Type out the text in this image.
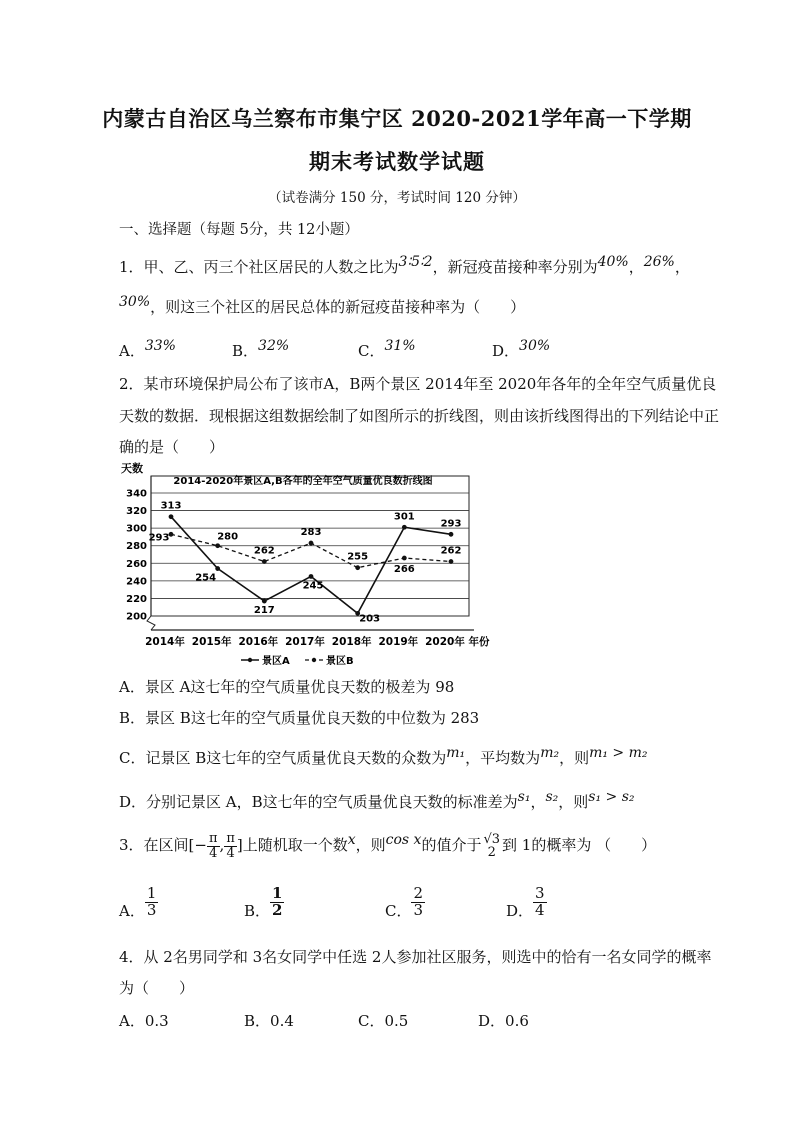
内蒙古自治区乌兰察布市集宁区 2020-2021学年高一下学期
期末考试数学试题
（试卷满分 150 分，考试时间 120 分钟）
一、选择题（每题 5分，共 12小题）
1．甲、乙、丙三个社区居民的人数之比为3∶5∶2，新冠疫苗接种率分别为40%，26%，
30%，则这三个社区的居民总体的新冠疫苗接种率为（　　）
A．33%	B．32%	C．31%	D．30%
2．某市环境保护局公布了该市A，B两个景区 2014年至 2020年各年的全年空气质量优良
天数的数据．现根据这组数据绘制了如图所示的折线图，则由该折线图得出的下列结论中正
确的是（　　）
天数
2014-2020年景区A,B各年的全年空气质量优良数折线图
年份
200
220
240
260
280
300
320
340
2014年 2015年 2016年 2017年 2018年 2019年 2020年
313
254
217
245
203
301
293
293	280
262
283
255
266
262
景区A	景区B
A．景区 A这七年的空气质量优良天数的极差为 98
B．景区 B这七年的空气质量优良天数的中位数为 283
C．记景区 B这七年的空气质量优良天数的众数为m₁，平均数为m₂，则m₁ > m₂
D．分别记景区 A，B这七年的空气质量优良天数的标准差为s₁，s₂，则s₁ > s₂
3．在区间[− $\frac{\pi}{4}$ , $\frac{\pi}{4}$ ]上随机取一个数x，则cos x的值介于 √3
2 到 1的概率为 （　　）
A． $\frac{1}{3}$	B． $\frac{1}{2}$	C． $\frac{2}{3}$	D． $\frac{3}{4}$
4．从 2名男同学和 3名女同学中任选 2人参加社区服务，则选中的恰有一名女同学的概率
为（　　）
A．0.3	B．0.4	C．0.5	D．0.6
